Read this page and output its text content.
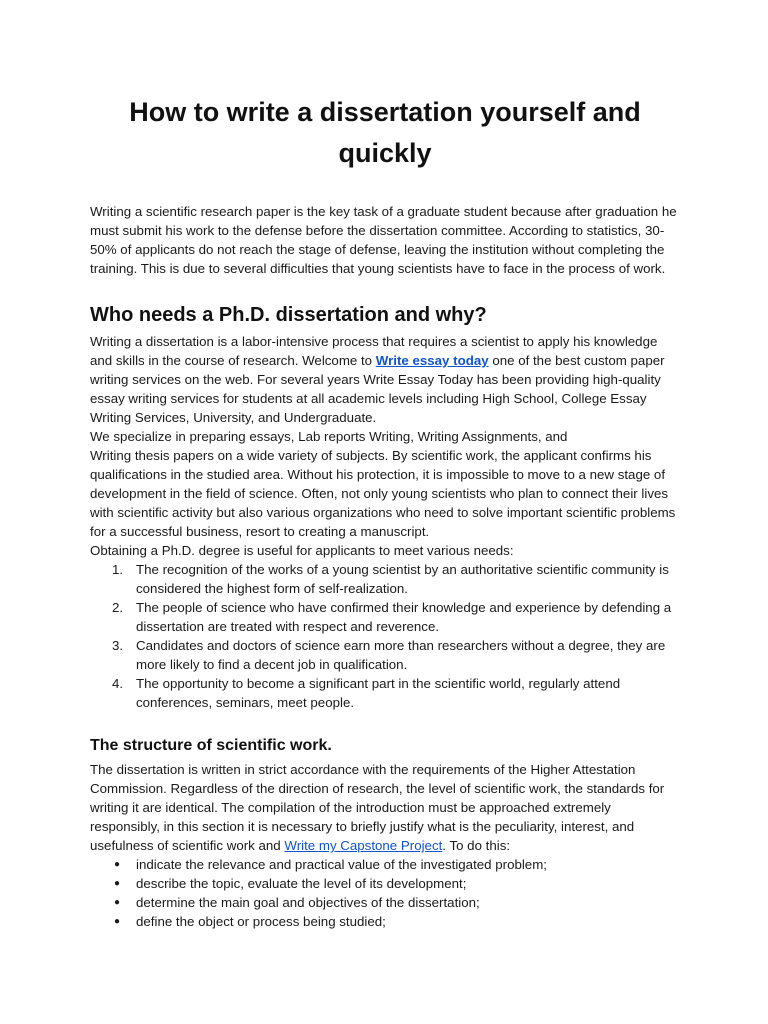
How to write a dissertation yourself and quickly

Writing a scientific research paper is the key task of a graduate student because after graduation he must submit his work to the defense before the dissertation committee. According to statistics, 30-50% of applicants do not reach the stage of defense, leaving the institution without completing the training. This is due to several difficulties that young scientists have to face in the process of work.

Who needs a Ph.D. dissertation and why?

Writing a dissertation is a labor-intensive process that requires a scientist to apply his knowledge and skills in the course of research. Welcome to Write essay today one of the best custom paper writing services on the web. For several years Write Essay Today has been providing high-quality essay writing services for students at all academic levels including High School, College Essay Writing Services, University, and Undergraduate.

We specialize in preparing essays, Lab reports Writing, Writing Assignments, and
Writing thesis papers on a wide variety of subjects. By scientific work, the applicant confirms his qualifications in the studied area. Without his protection, it is impossible to move to a new stage of development in the field of science. Often, not only young scientists who plan to connect their lives with scientific activity but also various organizations who need to solve important scientific problems for a successful business, resort to creating a manuscript.

Obtaining a Ph.D. degree is useful for applicants to meet various needs:

1. The recognition of the works of a young scientist by an authoritative scientific community is considered the highest form of self-realization.
2. The people of science who have confirmed their knowledge and experience by defending a dissertation are treated with respect and reverence.
3. Candidates and doctors of science earn more than researchers without a degree, they are more likely to find a decent job in qualification.
4. The opportunity to become a significant part in the scientific world, regularly attend conferences, seminars, meet people.
The structure of scientific work.

The dissertation is written in strict accordance with the requirements of the Higher Attestation Commission. Regardless of the direction of research, the level of scientific work, the standards for writing it are identical. The compilation of the introduction must be approached extremely responsibly, in this section it is necessary to briefly justify what is the peculiarity, interest, and usefulness of scientific work and Write my Capstone Project. To do this:

● indicate the relevance and practical value of the investigated problem;
● describe the topic, evaluate the level of its development;
● determine the main goal and objectives of the dissertation;
● define the object or process being studied;
